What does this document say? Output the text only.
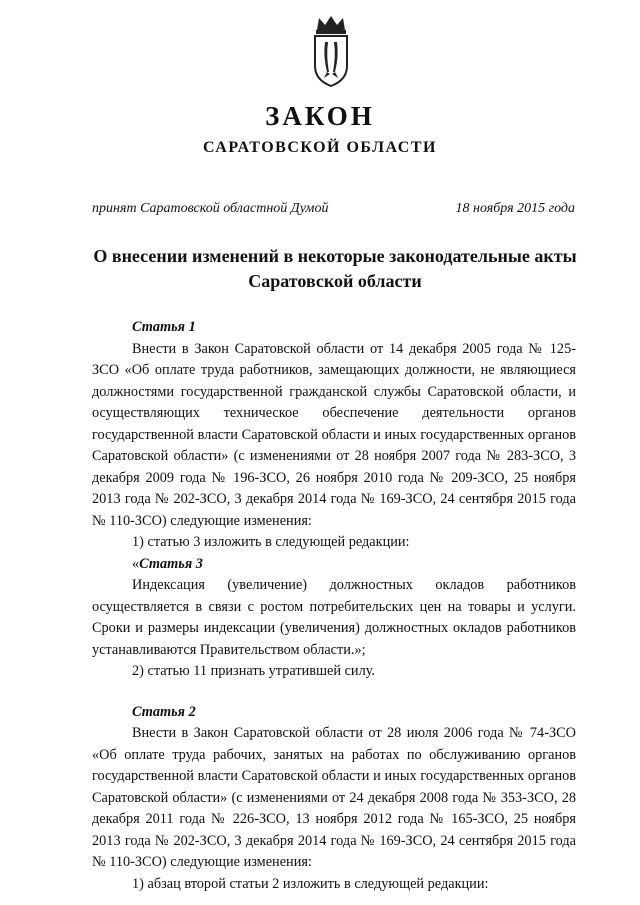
ЗАКОН
САРАТОВСКОЙ ОБЛАСТИ
принят Саратовской областной Думой	18 ноября 2015 года
О внесении изменений в некоторые законодательные акты Саратовской области

Статья 1

Внести в Закон Саратовской области от 14 декабря 2005 года № 125-ЗСО «Об оплате труда работников, замещающих должности, не являющиеся должностями государственной гражданской службы Саратовской области, и осуществляющих техническое обеспечение деятельности органов государственной власти Саратовской области и иных государственных органов Саратовской области» (с изменениями от 28 ноября 2007 года № 283-ЗСО, 3 декабря 2009 года № 196-ЗСО, 26 ноября 2010 года № 209-ЗСО, 25 ноября 2013 года № 202-ЗСО, 3 декабря 2014 года № 169-ЗСО, 24 сентября 2015 года № 110-ЗСО) следующие изменения:

1) статью 3 изложить в следующей редакции:

«Статья 3

Индексация (увеличение) должностных окладов работников осуществляется в связи с ростом потребительских цен на товары и услуги. Сроки и размеры индексации (увеличения) должностных окладов работников устанавливаются Правительством области.»;

2) статью 11 признать утратившей силу.

Статья 2

Внести в Закон Саратовской области от 28 июля 2006 года № 74-ЗСО «Об оплате труда рабочих, занятых на работах по обслуживанию органов государственной власти Саратовской области и иных государственных органов Саратовской области» (с изменениями от 24 декабря 2008 года № 353-ЗСО, 28 декабря 2011 года № 226-ЗСО, 13 ноября 2012 года № 165-ЗСО, 25 ноября 2013 года № 202-ЗСО, 3 декабря 2014 года № 169-ЗСО, 24 сентября 2015 года № 110-ЗСО) следующие изменения:

1) абзац второй статьи 2 изложить в следующей редакции:
